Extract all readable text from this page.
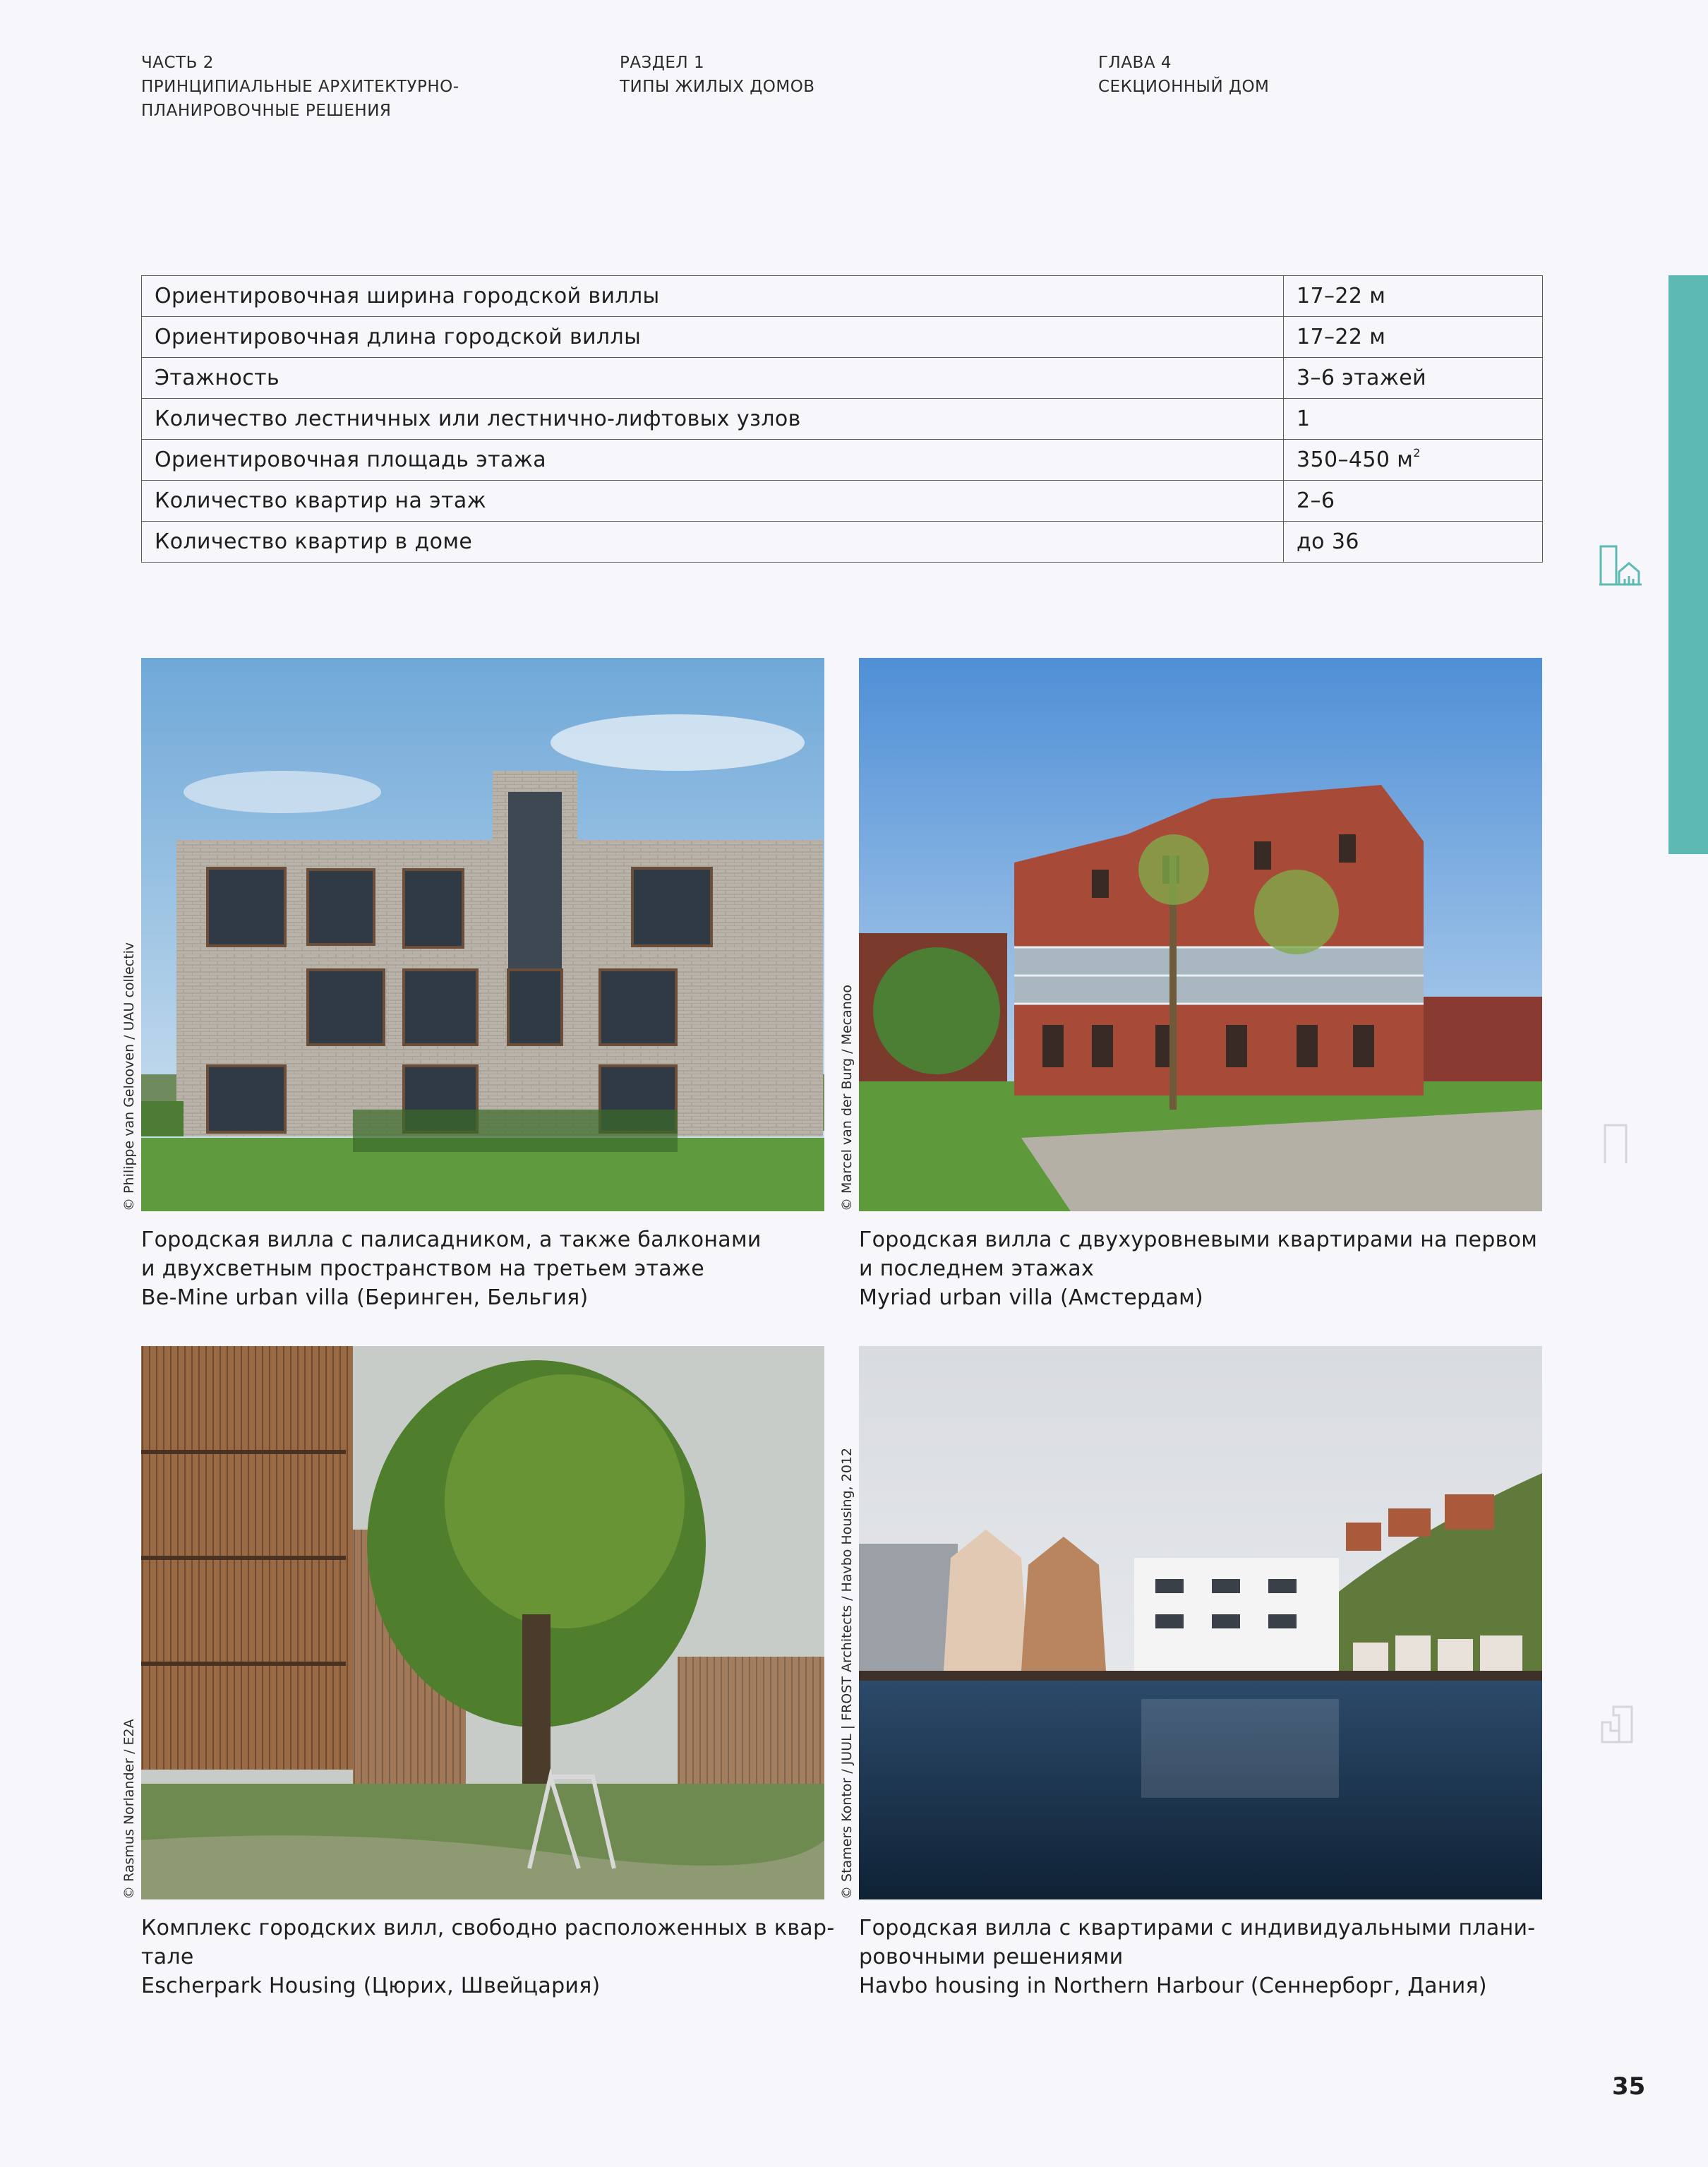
ЧАСТЬ 2
ПРИНЦИПИАЛЬНЫЕ АРХИТЕКТУРНО-
ПЛАНИРОВОЧНЫЕ РЕШЕНИЯ
РАЗДЕЛ 1
ТИПЫ ЖИЛЫХ ДОМОВ
ГЛАВА 4
СЕКЦИОННЫЙ ДОМ
Ориентировочная ширина городской виллы	17–22 м
Ориентировочная длина городской виллы	17–22 м
Этажность	3–6 этажей
Количество лестничных или лестнично-лифтовых узлов	1
Ориентировочная площадь этажа	350–450 $м^2$
Количество квартир на этаж	2–6
Количество квартир в доме	до 36
© Philippe van Gelooven / UAU collectiv
Городская вилла с палисадником, а также балконами
и двухсветным пространством на третьем этаже
Be-Mine urban villa (Беринген, Бельгия)
© Marcel van der Burg / Mecanoo
Городская вилла с двухуровневыми квартирами на первом
и последнем этажах
Myriad urban villa (Амстердам)
© Rasmus Norlander / E2A
Комплекс городских вилл, свободно расположенных в квар-
тале
Escherpark Housing (Цюрих, Швейцария)
© Stamers Kontor / JUUL | FROST Architects / Havbo Housing, 2012
Городская вилла с квартирами с индивидуальными плани-
ровочными решениями
Havbo housing in Northern Harbour (Сеннерборг, Дания)
35
